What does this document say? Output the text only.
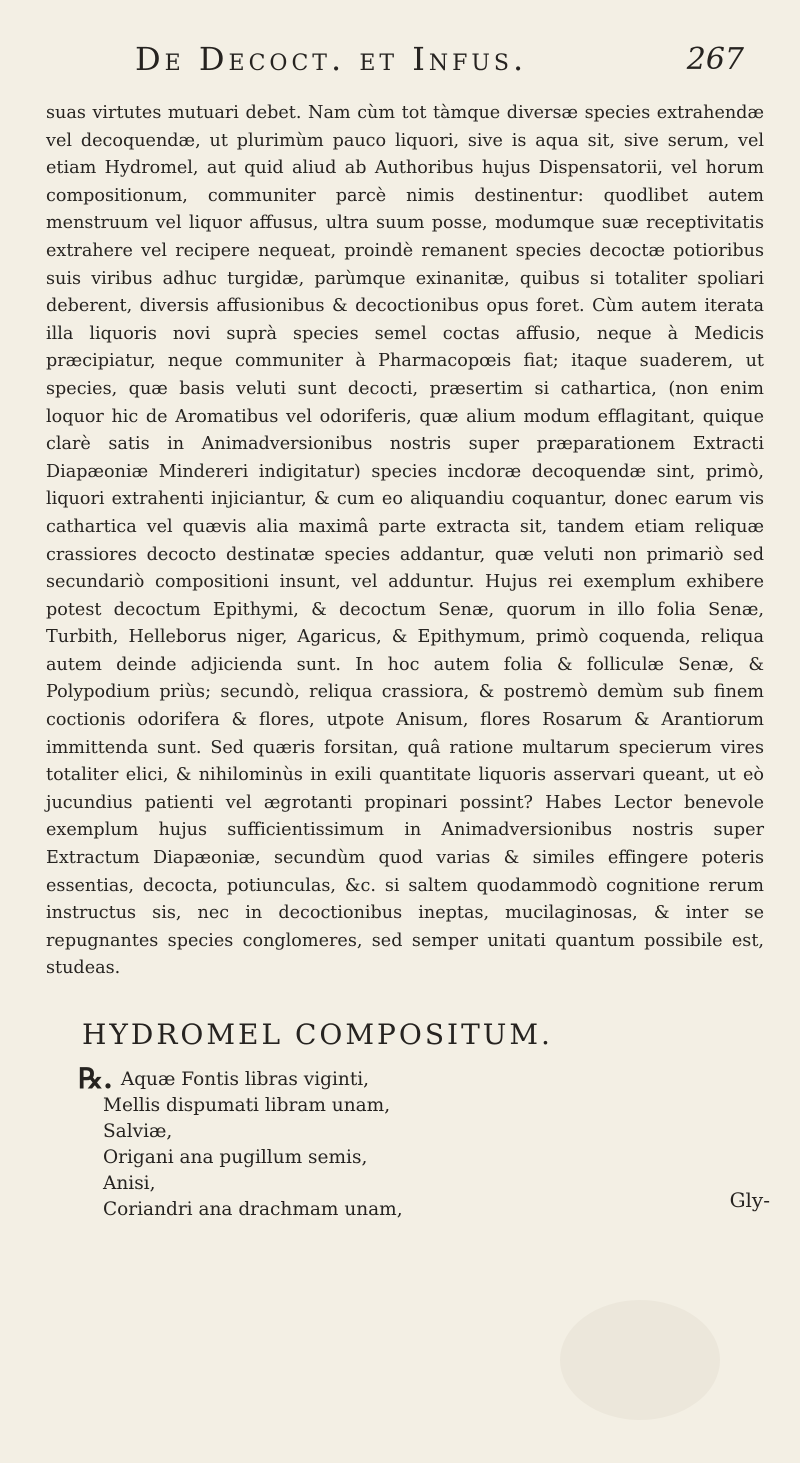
De Decoct. et Infus.	267

suas virtutes mutuari debet. Nam cùm tot tàmque diversæ species extrahendæ vel decoquendæ, ut plurimùm pauco liquori, sive is aqua sit, sive serum, vel etiam Hydromel, aut quid aliud ab Authoribus hujus Dispensatorii, vel horum compositionum, communiter parcè nimis destinentur: quodlibet autem menstruum vel liquor affusus, ultra suum posse, modumque suæ receptivitatis extrahere vel recipere nequeat, proindè remanent species decoctæ potioribus suis viribus adhuc turgidæ, parùmque exinanitæ, quibus si totaliter spoliari deberent, diversis affusionibus & decoctionibus opus foret. Cùm autem iterata illa liquoris novi suprà species semel coctas affusio, neque à Medicis præcipiatur, neque communiter à Pharmacopœis fiat; itaque suaderem, ut species, quæ basis veluti sunt decocti, præsertim si cathartica, (non enim loquor hic de Aromatibus vel odoriferis, quæ alium modum efflagitant, quique clarè satis in Animadversionibus nostris super præparationem Extracti Diapæoniæ Mindereri indigitatur) species incdoræ decoquendæ sint, primò, liquori extrahenti injiciantur, & cum eo aliquandiu coquantur, donec earum vis cathartica vel quævis alia maximâ parte extracta sit, tandem etiam reliquæ crassiores decocto destinatæ species addantur, quæ veluti non primariò sed secundariò compositioni insunt, vel adduntur. Hujus rei exemplum exhibere potest decoctum Epithymi, & decoctum Senæ, quorum in illo folia Senæ, Turbith, Helleborus niger, Agaricus, & Epithymum, primò coquenda, reliqua autem deinde adjicienda sunt. In hoc autem folia & folliculæ Senæ, & Polypodium priùs; secundò, reliqua crassiora, & postremò demùm sub finem coctionis odorifera & flores, utpote Anisum, flores Rosarum & Arantiorum immittenda sunt. Sed quæris forsitan, quâ ratione multarum specierum vires totaliter elici, & nihilominùs in exili quantitate liquoris asservari queant, ut eò jucundius patienti vel ægrotanti propinari possint? Habes Lector benevole exemplum hujus sufficientissimum in Animadversionibus nostris super Extractum Diapæoniæ, secundùm quod varias & similes effingere poteris essentias, decocta, potiunculas, &c. si saltem quodammodò cognitione rerum instructus sis, nec in decoctionibus ineptas, mucilaginosas, & inter se repugnantes species conglomeres, sed semper unitati quantum possibile est, studeas.

HYDROMEL COMPOSITUM.
℞. Aquæ Fontis libras viginti,
Mellis dispumati libram unam,
Salviæ,
Origani ana pugillum semis,
Anisi,
Coriandri ana drachmam unam,	Gly-
